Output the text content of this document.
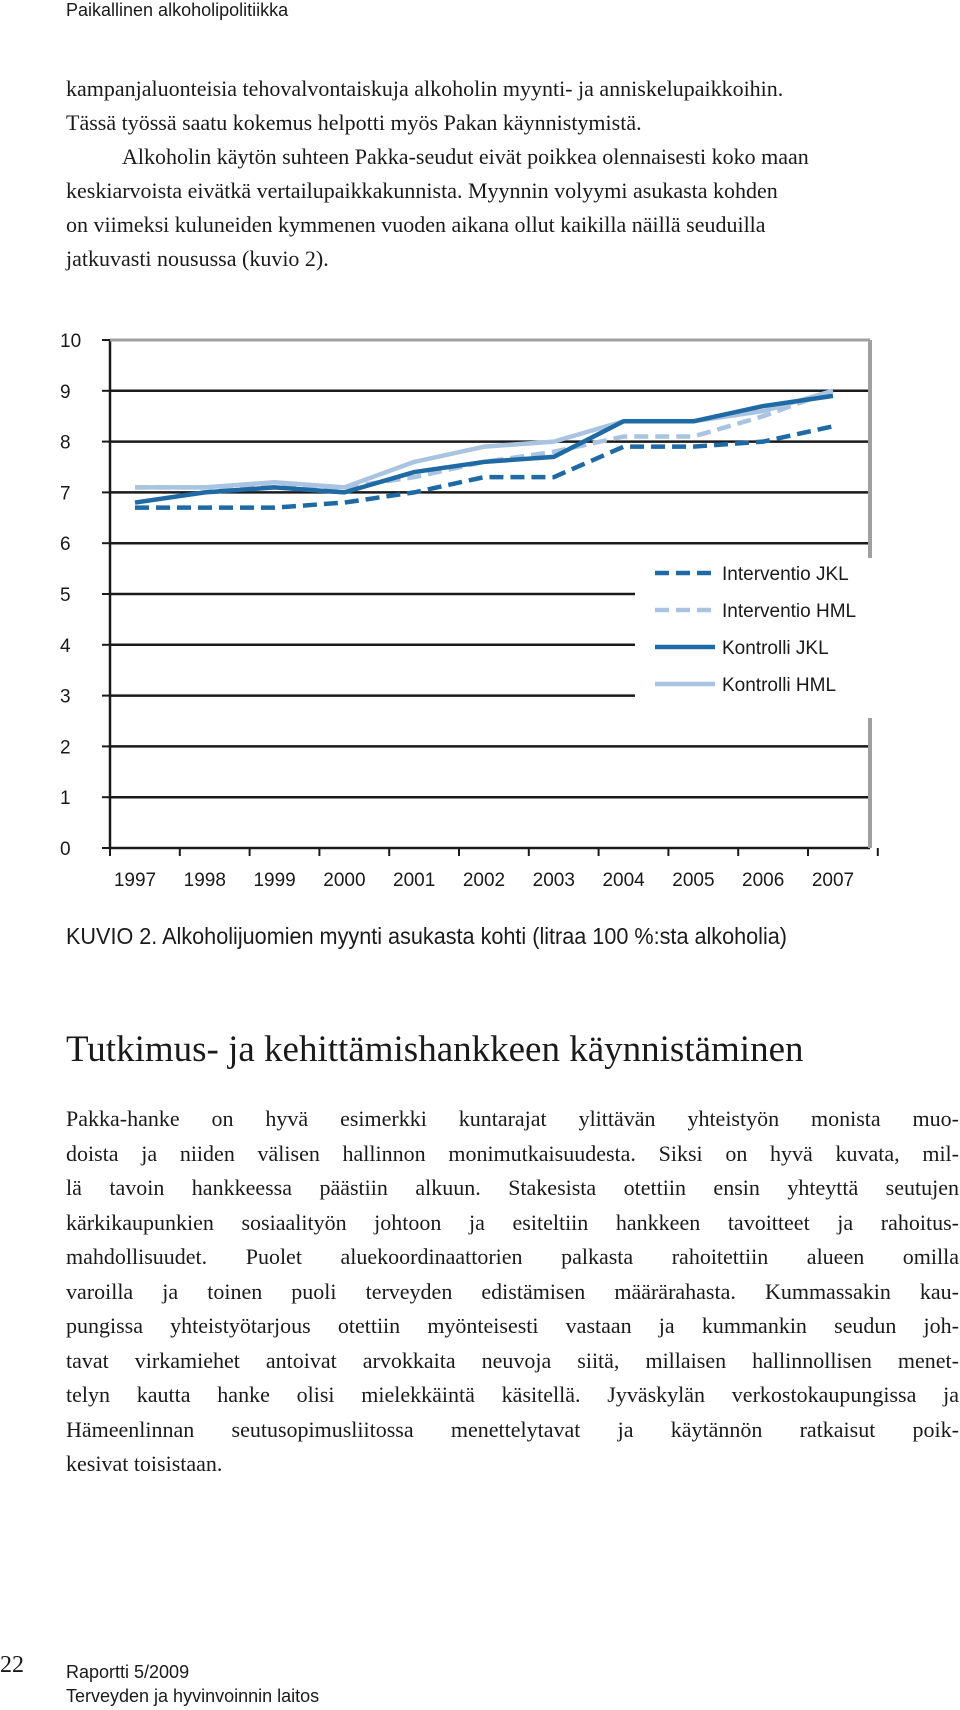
Paikallinen alkoholipolitiikka

kampanjaluonteisia tehovalvontaiskuja alkoholin myynti- ja anniskelupaikkoihin.
Tässä työssä saatu kokemus helpotti myös Pakan käynnistymistä.
Alkoholin käytön suhteen Pakka-seudut eivät poikkea olennaisesti koko maan
keskiarvoista eivätkä vertailupaikkakunnista. Myynnin volyymi asukasta kohden
on viimeksi kuluneiden kymmenen vuoden aikana ollut kaikilla näillä seuduilla
jatkuvasti nousussa (kuvio 2).

0
1
2
3
4
5
6
7
8
9
10
1997 1998 1999 2000 2001 2002 2003 2004 2005 2006 2007
Interventio JKL
Interventio HML
Kontrolli JKL
Kontrolli HML
KUVIO 2. Alkoholijuomien myynti asukasta kohti (litraa 100 %:sta alkoholia)
Tutkimus- ja kehittämishankkeen käynnistäminen

Pakka-hanke on hyvä esimerkki kuntarajat ylittävän yhteistyön monista muo-
doista ja niiden välisen hallinnon monimutkaisuudesta. Siksi on hyvä kuvata, mil-
lä tavoin hankkeessa päästiin alkuun. Stakesista otettiin ensin yhteyttä seutujen
kärkikaupunkien sosiaalityön johtoon ja esiteltiin hankkeen tavoitteet ja rahoitus-
mahdollisuudet. Puolet aluekoordinaattorien palkasta rahoitettiin alueen omilla
varoilla ja toinen puoli terveyden edistämisen määrärahasta. Kummassakin kau-
pungissa yhteistyötarjous otettiin myönteisesti vastaan ja kummankin seudun joh-
tavat virkamiehet antoivat arvokkaita neuvoja siitä, millaisen hallinnollisen menet-
telyn kautta hanke olisi mielekkäintä käsitellä. Jyväskylän verkostokaupungissa ja
Hämeenlinnan seutusopimusliitossa menettelytavat ja käytännön ratkaisut poik-
kesivat toisistaan.

22 Raportti 5/2009
Terveyden ja hyvinvoinnin laitos
